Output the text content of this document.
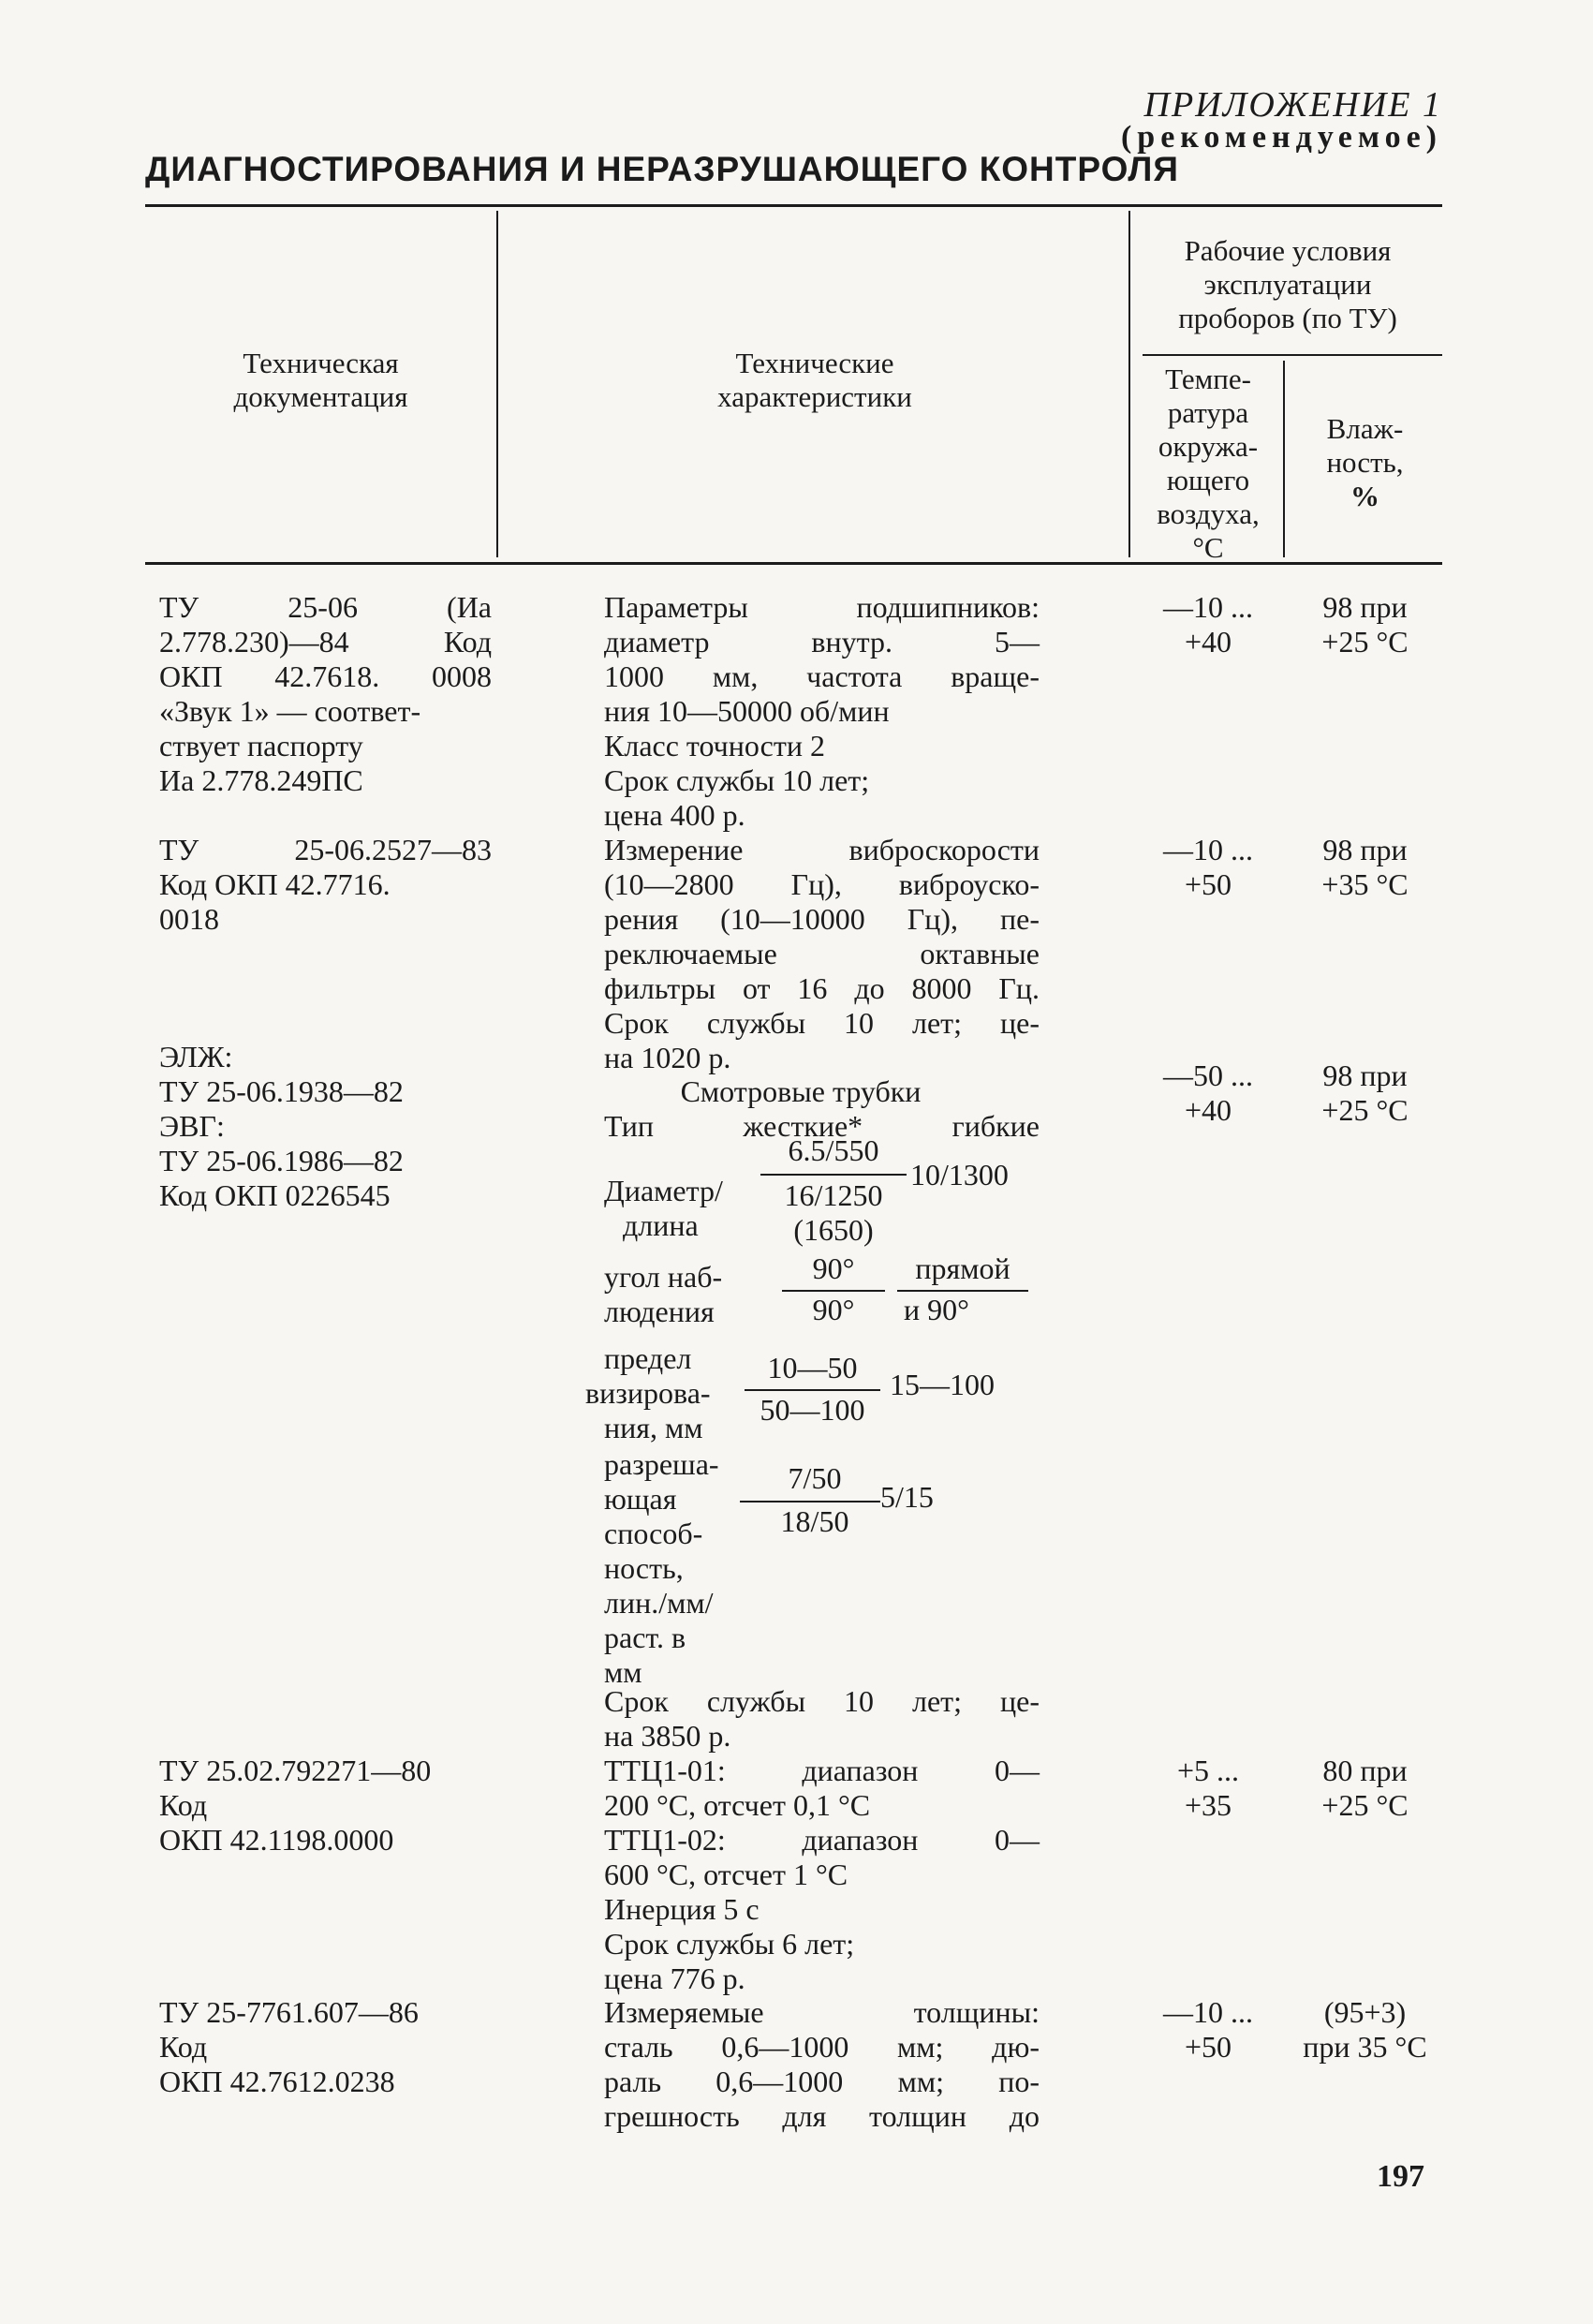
ПРИЛОЖЕНИЕ 1
(рекомендуемое)
ДИАГНОСТИРОВАНИЯ И НЕРАЗРУШАЮЩЕГО КОНТРОЛЯ
Техническая
документация
Технические
характеристики
Рабочие условия
эксплуатации
проборов (по ТУ)
Темпе-
ратура
окружа-
ющего
воздуха,
°С
Влаж-
ность,
%
ТУ 25-06 (Иа
2.778.230)—84 Код
ОКП 42.7618. 0008
«Звук 1» — соответ-
ствует паспорту
Иа 2.778.249ПС
Параметры подшипников:
диаметр внутр. 5—
1000 мм, частота враще-
ния 10—50000 об/мин
Класс точности 2
Срок службы 10 лет;
цена 400 р.
—10 ...
+40
98 при
+25 °С
ТУ 25-06.2527—83
Код ОКП 42.7716.
0018
Измерение виброскорости
(10—2800 Гц), виброуско-
рения (10—10000 Гц), пе-
реключаемые октавные
фильтры от 16 до 8000 Гц.
Срок службы 10 лет; це-
на 1020 р.
—10 ...
+50
98 при
+35 °С
ЭЛЖ:
ТУ 25-06.1938—82
ЭВГ:
ТУ 25-06.1986—82
Код ОКП 0226545
Смотровые трубки
Тип	жесткие*	гибкие
Диаметр/
длина
6.5/550
16/1250
(1650)
10/1300
угол наб-
людения
90°
90°
прямой
и 90°
предел
визирова-
ния, мм
10—50
50—100
15—100
разреша-
ющая
способ-
ность,
лин./мм/
раст. в
мм
7/50
18/50
5/15
Срок службы 10 лет; це-
на 3850 р.
—50 ...
+40
98 при
+25 °С
ТУ 25.02.792271—80
Код
ОКП 42.1198.0000
ТТЦ1-01: диапазон 0—
200 °С, отсчет 0,1 °С
ТТЦ1-02: диапазон 0—
600 °С, отсчет 1 °С
Инерция 5 с
Срок службы 6 лет;
цена 776 р.
+5 ...
+35
80 при
+25 °С
ТУ 25-7761.607—86
Код
ОКП 42.7612.0238
Измеряемые толщины:
сталь 0,6—1000 мм; дю-
раль 0,6—1000 мм; по-
грешность для толщин до
—10 ...
+50
(95+3)
при 35 °С
197
